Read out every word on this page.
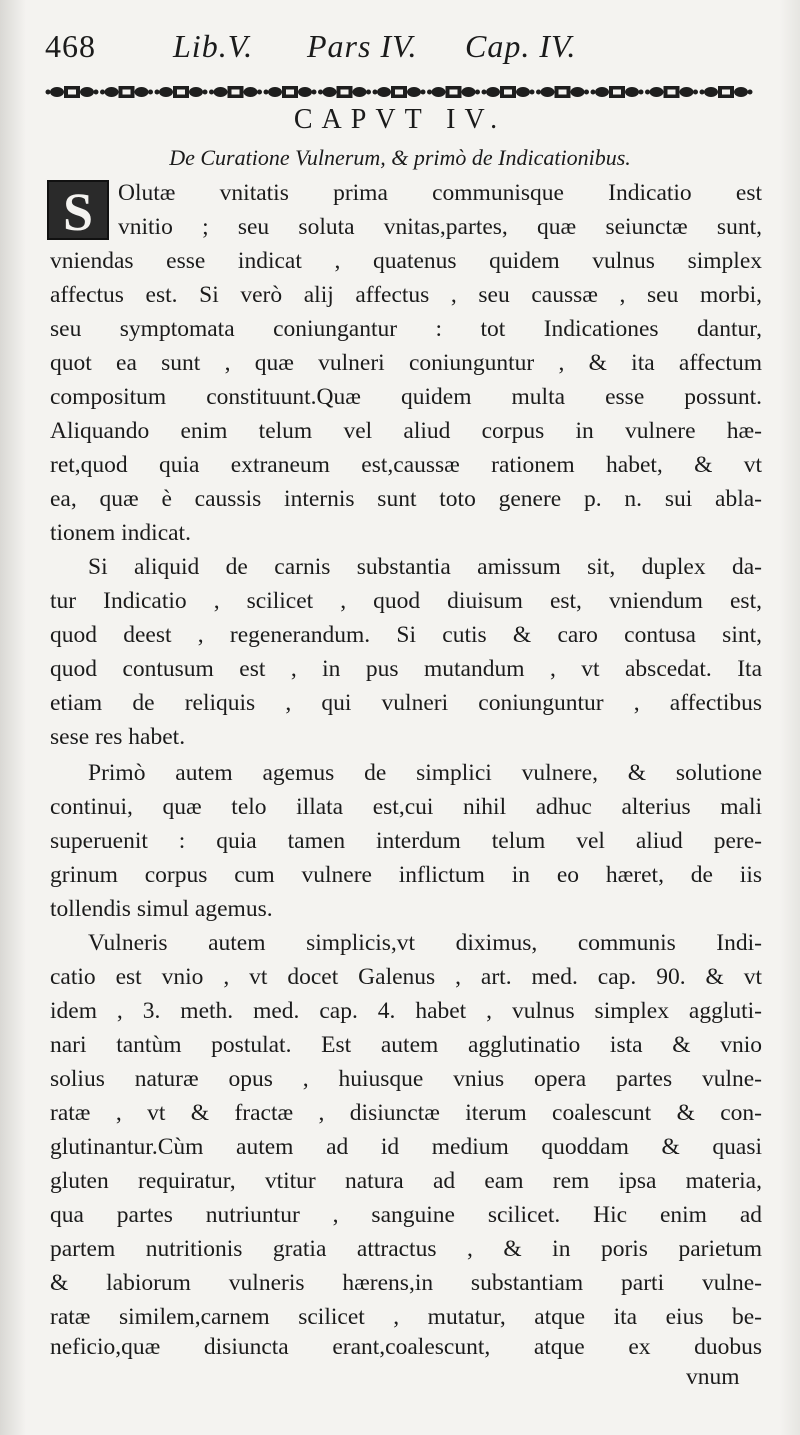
468 Lib.V. Pars IV. Cap. IV.
CAPVT IV.
De Curatione Vulnerum, & primò de Indicationibus.
S	Olutæ vnitatis prima communisque Indicatio est
vnitio ; seu soluta vnitas,partes, quæ seiunctæ sunt,
vniendas esse indicat , quatenus quidem vulnus simplex
affectus est. Si verò alij affectus , seu caussæ , seu morbi,
seu symptomata coniungantur : tot Indicationes dantur,
quot ea sunt , quæ vulneri coniunguntur , & ita affectum
compositum constituunt.Quæ quidem multa esse possunt.
Aliquando enim telum vel aliud corpus in vulnere hæ-
ret,quod quia extraneum est,caussæ rationem habet, & vt
ea, quæ è caussis internis sunt toto genere p. n. sui abla-
tionem indicat.
Si aliquid de carnis substantia amissum sit, duplex da-
tur Indicatio , scilicet , quod diuisum est, vniendum est,
quod deest , regenerandum. Si cutis & caro contusa sint,
quod contusum est , in pus mutandum , vt abscedat. Ita
etiam de reliquis , qui vulneri coniunguntur , affectibus
sese res habet.
Primò autem agemus de simplici vulnere, & solutione
continui, quæ telo illata est,cui nihil adhuc alterius mali
superuenit : quia tamen interdum telum vel aliud pere-
grinum corpus cum vulnere inflictum in eo hæret, de iis
tollendis simul agemus.
Vulneris autem simplicis,vt diximus, communis Indi-
catio est vnio , vt docet Galenus , art. med. cap. 90. & vt
idem , 3. meth. med. cap. 4. habet , vulnus simplex aggluti-
nari tantùm postulat. Est autem agglutinatio ista & vnio
solius naturæ opus , huiusque vnius opera partes vulne-
ratæ , vt & fractæ , disiunctæ iterum coalescunt & con-
glutinantur.Cùm autem ad id medium quoddam & quasi
gluten requiratur, vtitur natura ad eam rem ipsa materia,
qua partes nutriuntur , sanguine scilicet. Hic enim ad
partem nutritionis gratia attractus , & in poris parietum
& labiorum vulneris hærens,in substantiam parti vulne-
ratæ similem,carnem scilicet , mutatur, atque ita eius be-
neficio,quæ disiuncta erant,coalescunt, atque ex duobus
vnum
